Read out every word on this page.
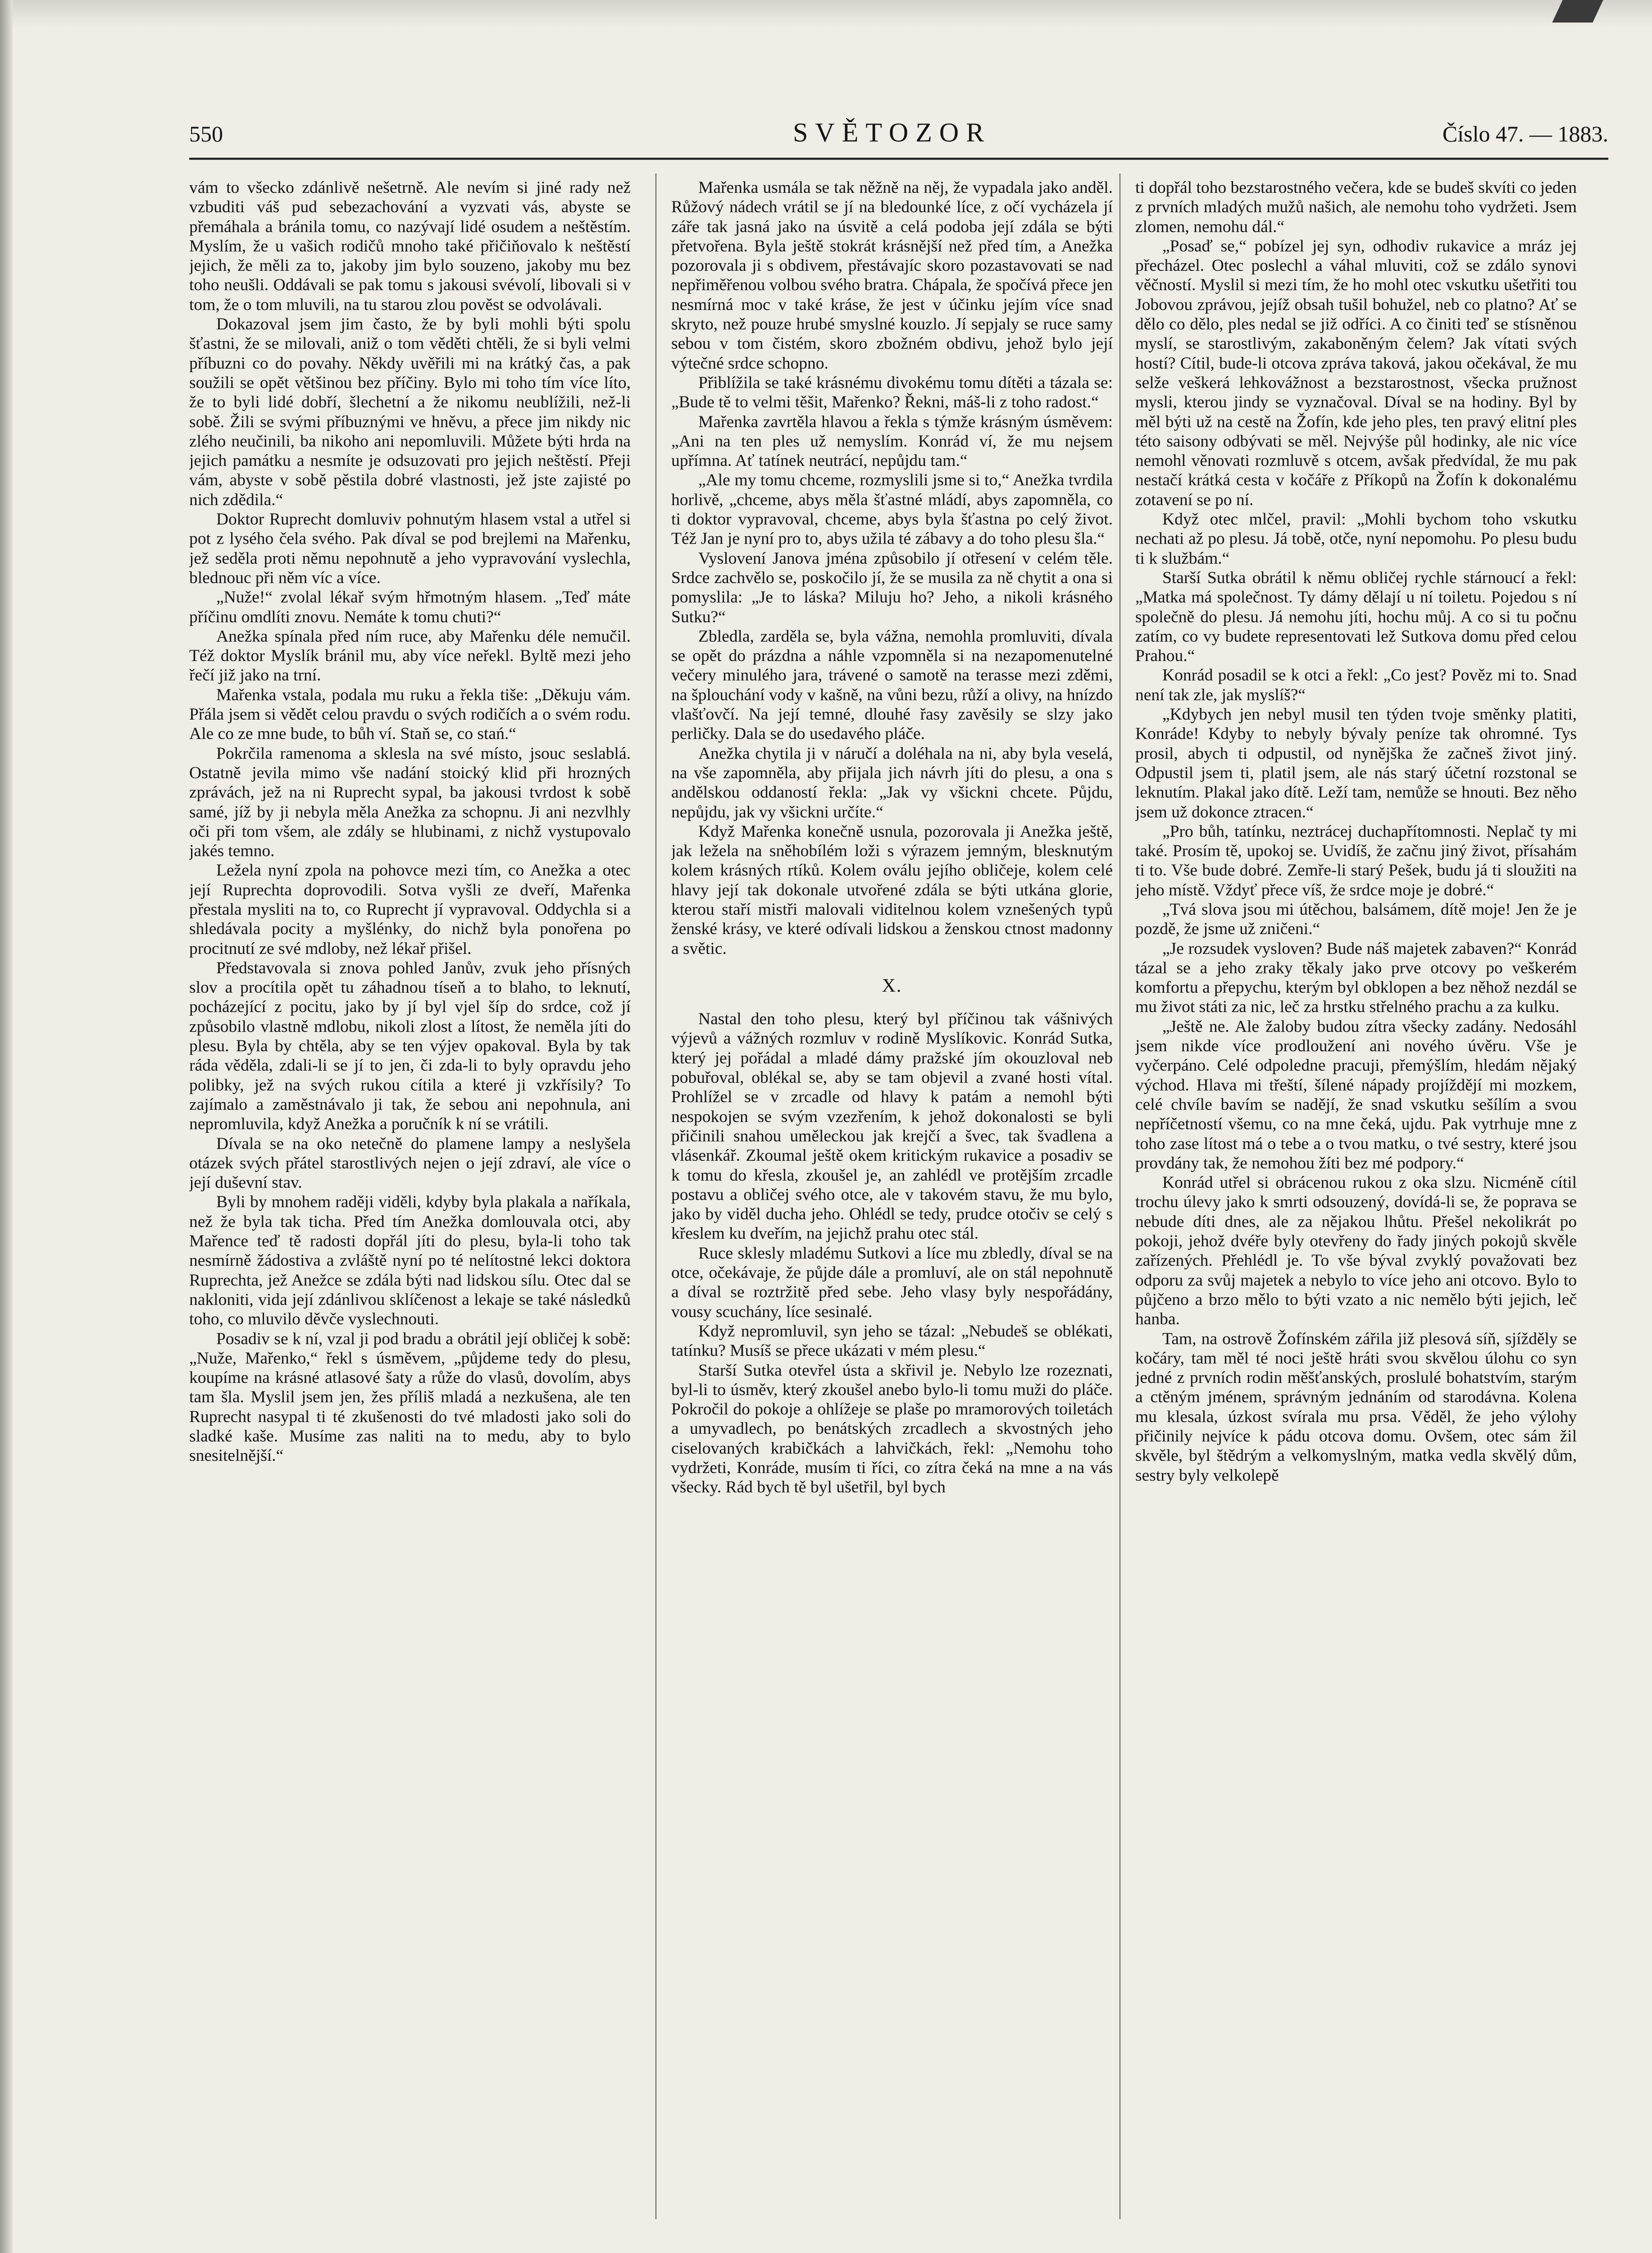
550	SVĚTOZOR	Číslo 47. — 1883.

vám to všecko zdánlivě nešetrně. Ale nevím si jiné rady než vzbuditi váš pud sebezachování a vyzvati vás, abyste se přemáhala a bránila tomu, co nazývají lidé osudem a neštěstím. Myslím, že u vašich rodičů mnoho také přičiňovalo k neštěstí jejich, že měli za to, jakoby jim bylo souzeno, jakoby mu bez toho neušli. Oddávali se pak tomu s jakousi svévolí, libovali si v tom, že o tom mluvili, na tu starou zlou pověst se odvolávali.

Dokazoval jsem jim často, že by byli mohli býti spolu šťastni, že se milovali, aniž o tom věděti chtěli, že si byli velmi příbuzni co do povahy. Někdy uvěřili mi na krátký čas, a pak soužili se opět většinou bez příčiny. Bylo mi toho tím více líto, že to byli lidé dobří, šlechetní a že nikomu neublížili, než-li sobě. Žili se svými příbuznými ve hněvu, a přece jim nikdy nic zlého neučinili, ba nikoho ani nepomluvili. Můžete býti hrda na jejich památku a nesmíte je odsuzovati pro jejich neštěstí. Přeji vám, abyste v sobě pěstila dobré vlastnosti, jež jste zajisté po nich zdědila.“

Doktor Ruprecht domluviv pohnutým hlasem vstal a utřel si pot z lysého čela svého. Pak díval se pod brejlemi na Mařenku, jež seděla proti němu nepohnutě a jeho vypravování vyslechla, blednouc při něm víc a více.

„Nuže!“ zvolal lékař svým hřmotným hlasem. „Teď máte příčinu omdlíti znovu. Nemáte k tomu chuti?“

Anežka spínala před ním ruce, aby Mařenku déle nemučil. Též doktor Myslík bránil mu, aby více neřekl. Byltě mezi jeho řečí již jako na trní.

Mařenka vstala, podala mu ruku a řekla tiše: „Děkuju vám. Přála jsem si vědět celou pravdu o svých rodičích a o svém rodu. Ale co ze mne bude, to bůh ví. Staň se, co stań.“

Pokrčila ramenoma a sklesla na své místo, jsouc seslablá. Ostatně jevila mimo vše nadání stoický klid při hrozných zprávách, jež na ni Ruprecht sypal, ba jakousi tvrdost k sobě samé, jíž by ji nebyla měla Anežka za schopnu. Ji ani nezvlhly oči při tom všem, ale zdály se hlubinami, z nichž vystupovalo jakés temno.

Ležela nyní zpola na pohovce mezi tím, co Anežka a otec její Ruprechta doprovodili. Sotva vyšli ze dveří, Mařenka přestala mysliti na to, co Ruprecht jí vypravoval. Oddychla si a shledávala pocity a myšlénky, do nichž byla ponořena po procitnutí ze své mdloby, než lékař přišel.

Představovala si znova pohled Janův, zvuk jeho přísných slov a procítila opět tu záhadnou tíseň a to blaho, to leknutí, pocházející z pocitu, jako by jí byl vjel šíp do srdce, což jí způsobilo vlastně mdlobu, nikoli zlost a lítost, že neměla jíti do plesu. Byla by chtěla, aby se ten výjev opakoval. Byla by tak ráda věděla, zdali-li se jí to jen, či zda-li to byly opravdu jeho polibky, jež na svých rukou cítila a které ji vzkřísily? To zajímalo a zaměstnávalo ji tak, že sebou ani nepohnula, ani nepromluvila, když Anežka a poručník k ní se vrátili.

Dívala se na oko netečně do plamene lampy a neslyšela otázek svých přátel starostlivých nejen o její zdraví, ale více o její duševní stav.

Byli by mnohem raději viděli, kdyby byla plakala a naříkala, než že byla tak ticha. Před tím Anežka domlouvala otci, aby Mařence teď tě radosti dopřál jíti do plesu, byla-li toho tak nesmírně žádostiva a zvláště nyní po té nelítostné lekci doktora Ruprechta, jež Anežce se zdála býti nad lidskou sílu. Otec dal se nakloniti, vida její zdánlivou sklíčenost a lekaje se také následků toho, co mluvilo děvče vyslechnouti.

Posadiv se k ní, vzal ji pod bradu a obrátil její obličej k sobě: „Nuže, Mařenko,“ řekl s úsměvem, „půjdeme tedy do plesu, koupíme na krásné atlasové šaty a růže do vlasů, dovolím, abys tam šla. Myslil jsem jen, žes příliš mladá a nezkušena, ale ten Ruprecht nasypal ti té zkušenosti do tvé mladosti jako soli do sladké kaše. Musíme zas naliti na to medu, aby to bylo snesitelnější.“

Mařenka usmála se tak něžně na něj, že vypadala jako anděl. Růžový nádech vrátil se jí na bledounké líce, z očí vycházela jí záře tak jasná jako na úsvitě a celá podoba její zdála se býti přetvořena. Byla ještě stokrát krásnější než před tím, a Anežka pozorovala ji s obdivem, přestávajíc skoro pozastavovati se nad nepřiměřenou volbou svého bratra. Chápala, že spočívá přece jen nesmírná moc v také kráse, že jest v účinku jejím více snad skryto, než pouze hrubé smyslné kouzlo. Jí sepjaly se ruce samy sebou v tom čistém, skoro zbožném obdivu, jehož bylo její výtečné srdce schopno.

Přiblížila se také krásnému divokému tomu dítěti a tázala se: „Bude tě to velmi těšit, Mařenko? Řekni, máš-li z toho radost.“

Mařenka zavrtěla hlavou a řekla s týmže krásným úsměvem: „Ani na ten ples už nemyslím. Konrád ví, že mu nejsem upřímna. Ať tatínek neutrácí, nepůjdu tam.“

„Ale my tomu chceme, rozmyslili jsme si to,“ Anežka tvrdila horlivě, „chceme, abys měla šťastné mládí, abys zapomněla, co ti doktor vypravoval, chceme, abys byla šťastna po celý život. Též Jan je nyní pro to, abys užila té zábavy a do toho plesu šla.“

Vyslovení Janova jména způsobilo jí otřesení v celém těle. Srdce zachvělo se, poskočilo jí, že se musila za ně chytit a ona si pomyslila: „Je to láska? Miluju ho? Jeho, a nikoli krásného Sutku?“

Zbledla, zarděla se, byla vážna, nemohla promluviti, dívala se opět do prázdna a náhle vzpomněla si na nezapomenutelné večery minulého jara, trávené o samotě na terasse mezi zděmi, na šplouchání vody v kašně, na vůni bezu, růží a olivy, na hnízdo vlašťovčí. Na její temné, dlouhé řasy zavěsily se slzy jako perličky. Dala se do usedavého pláče.

Anežka chytila ji v náručí a doléhala na ni, aby byla veselá, na vše zapomněla, aby přijala jich návrh jíti do plesu, a ona s andělskou oddaností řekla: „Jak vy všickni chcete. Půjdu, nepůjdu, jak vy všickni určíte.“

Když Mařenka konečně usnula, pozorovala ji Anežka ještě, jak ležela na sněhobílém loži s výrazem jemným, blesknutým kolem krásných rtíků. Kolem oválu jejího obličeje, kolem celé hlavy její tak dokonale utvořené zdála se býti utkána glorie, kterou staří mistři malovali viditelnou kolem vznešených typů ženské krásy, ve které odívali lidskou a ženskou ctnost madonny a světic.

X.

Nastal den toho plesu, který byl příčinou tak vášnivých výjevů a vážných rozmluv v rodině Myslíkovic. Konrád Sutka, který jej pořádal a mladé dámy pražské jím okouzloval neb pobuřoval, oblékal se, aby se tam objevil a zvané hosti vítal. Prohlížel se v zrcadle od hlavy k patám a nemohl býti nespokojen se svým vzezřením, k jehož dokonalosti se byli přičinili snahou uměleckou jak krejčí a švec, tak švadlena a vlásenkář. Zkoumal ještě okem kritickým rukavice a posadiv se k tomu do křesla, zkoušel je, an zahlédl ve protějším zrcadle postavu a obličej svého otce, ale v takovém stavu, že mu bylo, jako by viděl ducha jeho. Ohlédl se tedy, prudce otočiv se celý s křeslem ku dveřím, na jejichž prahu otec stál.

Ruce sklesly mladému Sutkovi a líce mu zbledly, díval se na otce, očekávaje, že půjde dále a promluví, ale on stál nepohnutě a díval se roztržitě před sebe. Jeho vlasy byly nespořádány, vousy scuchány, líce sesinalé.

Když nepromluvil, syn jeho se tázal: „Nebudeš se oblékati, tatínku? Musíš se přece ukázati v mém plesu.“

Starší Sutka otevřel ústa a skřivil je. Nebylo lze rozeznati, byl-li to úsměv, který zkoušel anebo bylo-li tomu muži do pláče. Pokročil do pokoje a ohlížeje se plaše po mramorových toiletách a umyvadlech, po benátských zrcadlech a skvostných jeho ciselovaných krabičkách a lahvičkách, řekl: „Nemohu toho vydržeti, Konráde, musím ti říci, co zítra čeká na mne a na vás všecky. Rád bych tě byl ušetřil, byl bych

ti dopřál toho bezstarostného večera, kde se budeš skvíti co jeden z prvních mladých mužů našich, ale nemohu toho vydržeti. Jsem zlomen, nemohu dál.“

„Posaď se,“ pobízel jej syn, odhodiv rukavice a mráz jej přecházel. Otec poslechl a váhal mluviti, což se zdálo synovi věčností. Myslil si mezi tím, že ho mohl otec vskutku ušetřiti tou Jobovou zprávou, jejíž obsah tušil bohužel, neb co platno? Ať se dělo co dělo, ples nedal se již odříci. A co činiti teď se stísněnou myslí, se starostlivým, zakaboněným čelem? Jak vítati svých hostí? Cítil, bude-li otcova zpráva taková, jakou očekával, že mu selže veškerá lehkovážnost a bezstarostnost, všecka pružnost mysli, kterou jindy se vyznačoval. Díval se na hodiny. Byl by měl býti už na cestě na Žofín, kde jeho ples, ten pravý elitní ples této saisony odbývati se měl. Nejvýše půl hodinky, ale nic více nemohl věnovati rozmluvě s otcem, avšak předvídal, že mu pak nestačí krátká cesta v kočáře z Příkopů na Žofín k dokonalému zotavení se po ní.

Když otec mlčel, pravil: „Mohli bychom toho vskutku nechati až po plesu. Já tobě, otče, nyní nepomohu. Po plesu budu ti k službám.“

Starší Sutka obrátil k němu obličej rychle stárnoucí a řekl: „Matka má společnost. Ty dámy dělají u ní toiletu. Pojedou s ní společně do plesu. Já nemohu jíti, hochu můj. A co si tu počnu zatím, co vy budete representovati lež Sutkova domu před celou Prahou.“

Konrád posadil se k otci a řekl: „Co jest? Pověz mi to. Snad není tak zle, jak myslíš?“

„Kdybych jen nebyl musil ten týden tvoje směnky platiti, Konráde! Kdyby to nebyly bývaly peníze tak ohromné. Tys prosil, abych ti odpustil, od nynějška že začneš život jiný. Odpustil jsem ti, platil jsem, ale nás starý účetní rozstonal se leknutím. Plakal jako dítě. Leží tam, nemůže se hnouti. Bez něho jsem už dokonce ztracen.“

„Pro bůh, tatínku, neztrácej duchapřítomnosti. Neplač ty mi také. Prosím tě, upokoj se. Uvidíš, že začnu jiný život, přísahám ti to. Vše bude dobré. Zemře-li starý Pešek, budu já ti sloužiti na jeho místě. Vždyť přece víš, že srdce moje je dobré.“

„Tvá slova jsou mi útěchou, balsámem, dítě moje! Jen že je pozdě, že jsme už zničeni.“

„Je rozsudek vysloven? Bude náš majetek zabaven?“ Konrád tázal se a jeho zraky těkaly jako prve otcovy po veškerém komfortu a přepychu, kterým byl obklopen a bez něhož nezdál se mu život státi za nic, leč za hrstku střelného prachu a za kulku.

„Ještě ne. Ale žaloby budou zítra všecky zadány. Nedosáhl jsem nikde více prodloužení ani nového úvěru. Vše je vyčerpáno. Celé odpoledne pracuji, přemýšlím, hledám nějaký východ. Hlava mi třeští, šílené nápady projíždějí mi mozkem, celé chvíle bavím se nadějí, že snad vskutku sešílím a svou nepříčetností všemu, co na mne čeká, ujdu. Pak vytrhuje mne z toho zase lítost má o tebe a o tvou matku, o tvé sestry, které jsou provdány tak, že nemohou žíti bez mé podpory.“

Konrád utřel si obrácenou rukou z oka slzu. Nicméně cítil trochu úlevy jako k smrti odsouzený, dovídá-li se, že poprava se nebude díti dnes, ale za nějakou lhůtu. Přešel nekolikrát po pokoji, jehož dvéře byly otevřeny do řady jiných pokojů skvěle zařízených. Přehlédl je. To vše býval zvyklý považovati bez odporu za svůj majetek a nebylo to více jeho ani otcovo. Bylo to půjčeno a brzo mělo to býti vzato a nic nemělo býti jejich, leč hanba.

Tam, na ostrově Žofínském zářila již plesová síň, sjížděly se kočáry, tam měl té noci ještě hráti svou skvělou úlohu co syn jedné z prvních rodin měšťanských, proslulé bohatstvím, starým a ctěným jménem, správným jednáním od starodávna. Kolena mu klesala, úzkost svírala mu prsa. Věděl, že jeho výlohy přičinily nejvíce k pádu otcova domu. Ovšem, otec sám žil skvěle, byl štědrým a velkomyslným, matka vedla skvělý dům, sestry byly velkolepě
